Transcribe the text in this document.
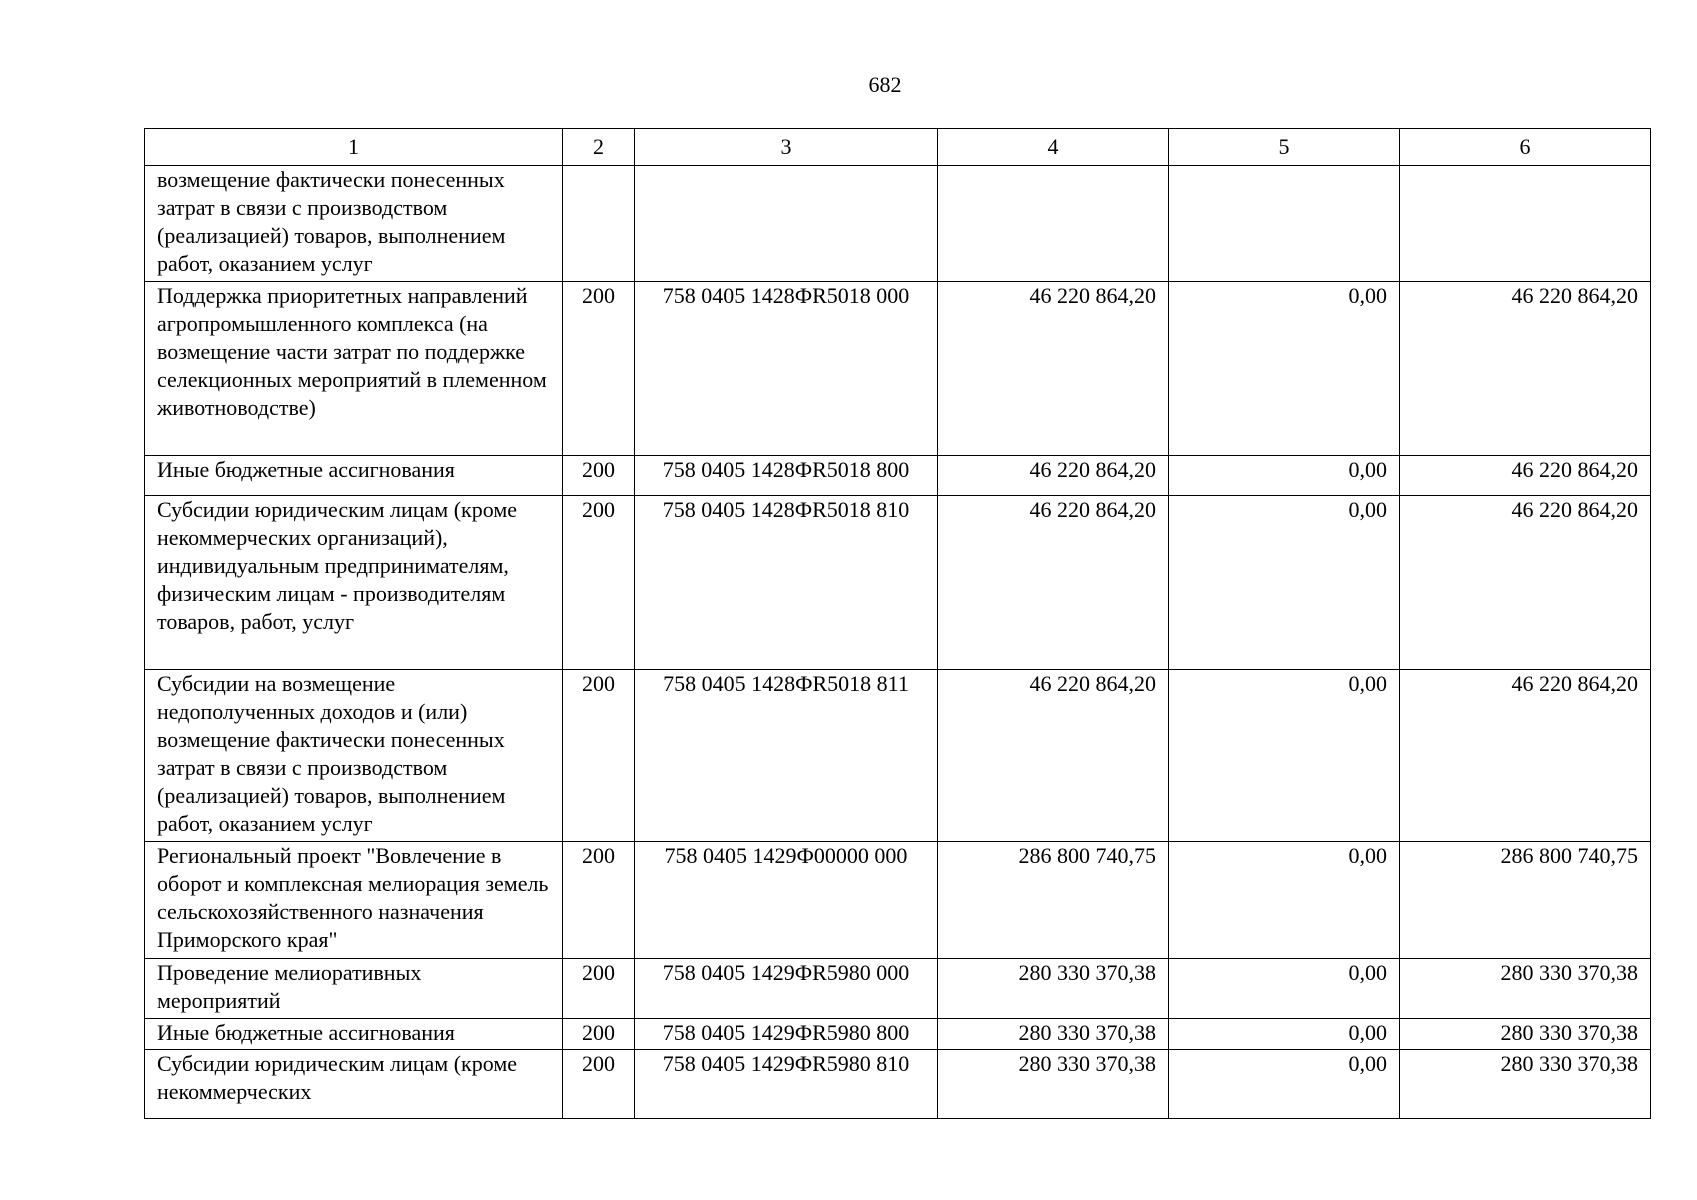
682
1	2	3	4	5	6
возмещение фактически понесенных затрат в связи с производством (реализацией) товаров, выполнением работ, оказанием услуг					
Поддержка приоритетных направлений агропромышленного комплекса (на возмещение части затрат по поддержке селекционных мероприятий в племенном животноводстве)	200	758 0405 1428ФR5018 000	46 220 864,20	0,00	46 220 864,20
Иные бюджетные ассигнования	200	758 0405 1428ФR5018 800	46 220 864,20	0,00	46 220 864,20
Субсидии юридическим лицам (кроме некоммерческих организаций), индивидуальным предпринимателям, физическим лицам - производителям товаров, работ, услуг	200	758 0405 1428ФR5018 810	46 220 864,20	0,00	46 220 864,20
Субсидии на возмещение недополученных доходов и (или) возмещение фактически понесенных затрат в связи с производством (реализацией) товаров, выполнением работ, оказанием услуг	200	758 0405 1428ФR5018 811	46 220 864,20	0,00	46 220 864,20
Региональный проект "Вовлечение в оборот и комплексная мелиорация земель сельскохозяйственного назначения Приморского края"	200	758 0405 1429Ф00000 000	286 800 740,75	0,00	286 800 740,75
Проведение мелиоративных мероприятий	200	758 0405 1429ФR5980 000	280 330 370,38	0,00	280 330 370,38
Иные бюджетные ассигнования	200	758 0405 1429ФR5980 800	280 330 370,38	0,00	280 330 370,38
Субсидии юридическим лицам (кроме некоммерческих	200	758 0405 1429ФR5980 810	280 330 370,38	0,00	280 330 370,38
